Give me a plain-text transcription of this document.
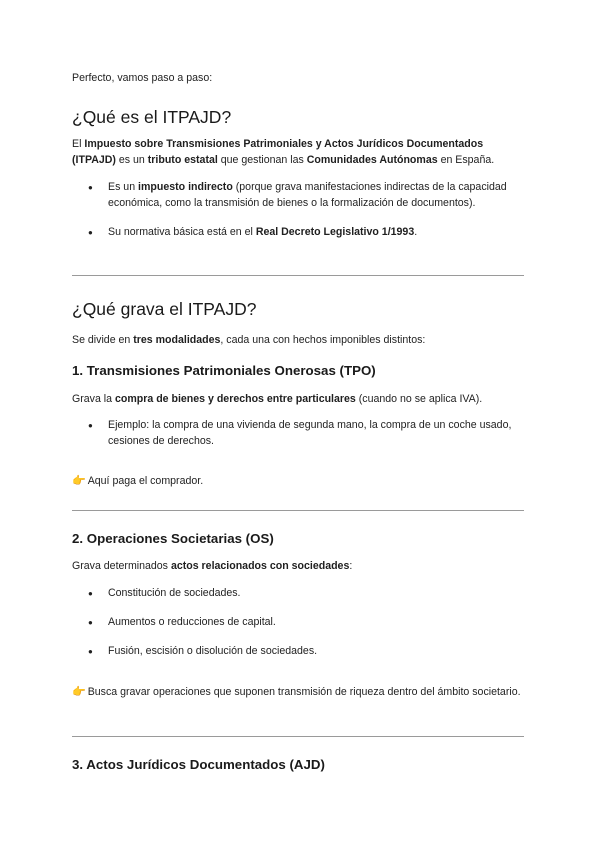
Perfecto, vamos paso a paso:

¿Qué es el ITPAJD?

El Impuesto sobre Transmisiones Patrimoniales y Actos Jurídicos Documentados (ITPAJD) es un tributo estatal que gestionan las Comunidades Autónomas en España.

● Es un impuesto indirecto (porque grava manifestaciones indirectas de la capacidad económica, como la transmisión de bienes o la formalización de documentos).
● Su normativa básica está en el Real Decreto Legislativo 1/1993.
¿Qué grava el ITPAJD?

Se divide en tres modalidades, cada una con hechos imponibles distintos:

1. Transmisiones Patrimoniales Onerosas (TPO)

Grava la compra de bienes y derechos entre particulares (cuando no se aplica IVA).

● Ejemplo: la compra de una vivienda de segunda mano, la compra de un coche usado, cesiones de derechos.

👉 Aquí paga el comprador.

2. Operaciones Societarias (OS)

Grava determinados actos relacionados con sociedades:

● Constitución de sociedades.
● Aumentos o reducciones de capital.
● Fusión, escisión o disolución de sociedades.

👉 Busca gravar operaciones que suponen transmisión de riqueza dentro del ámbito societario.

3. Actos Jurídicos Documentados (AJD)
